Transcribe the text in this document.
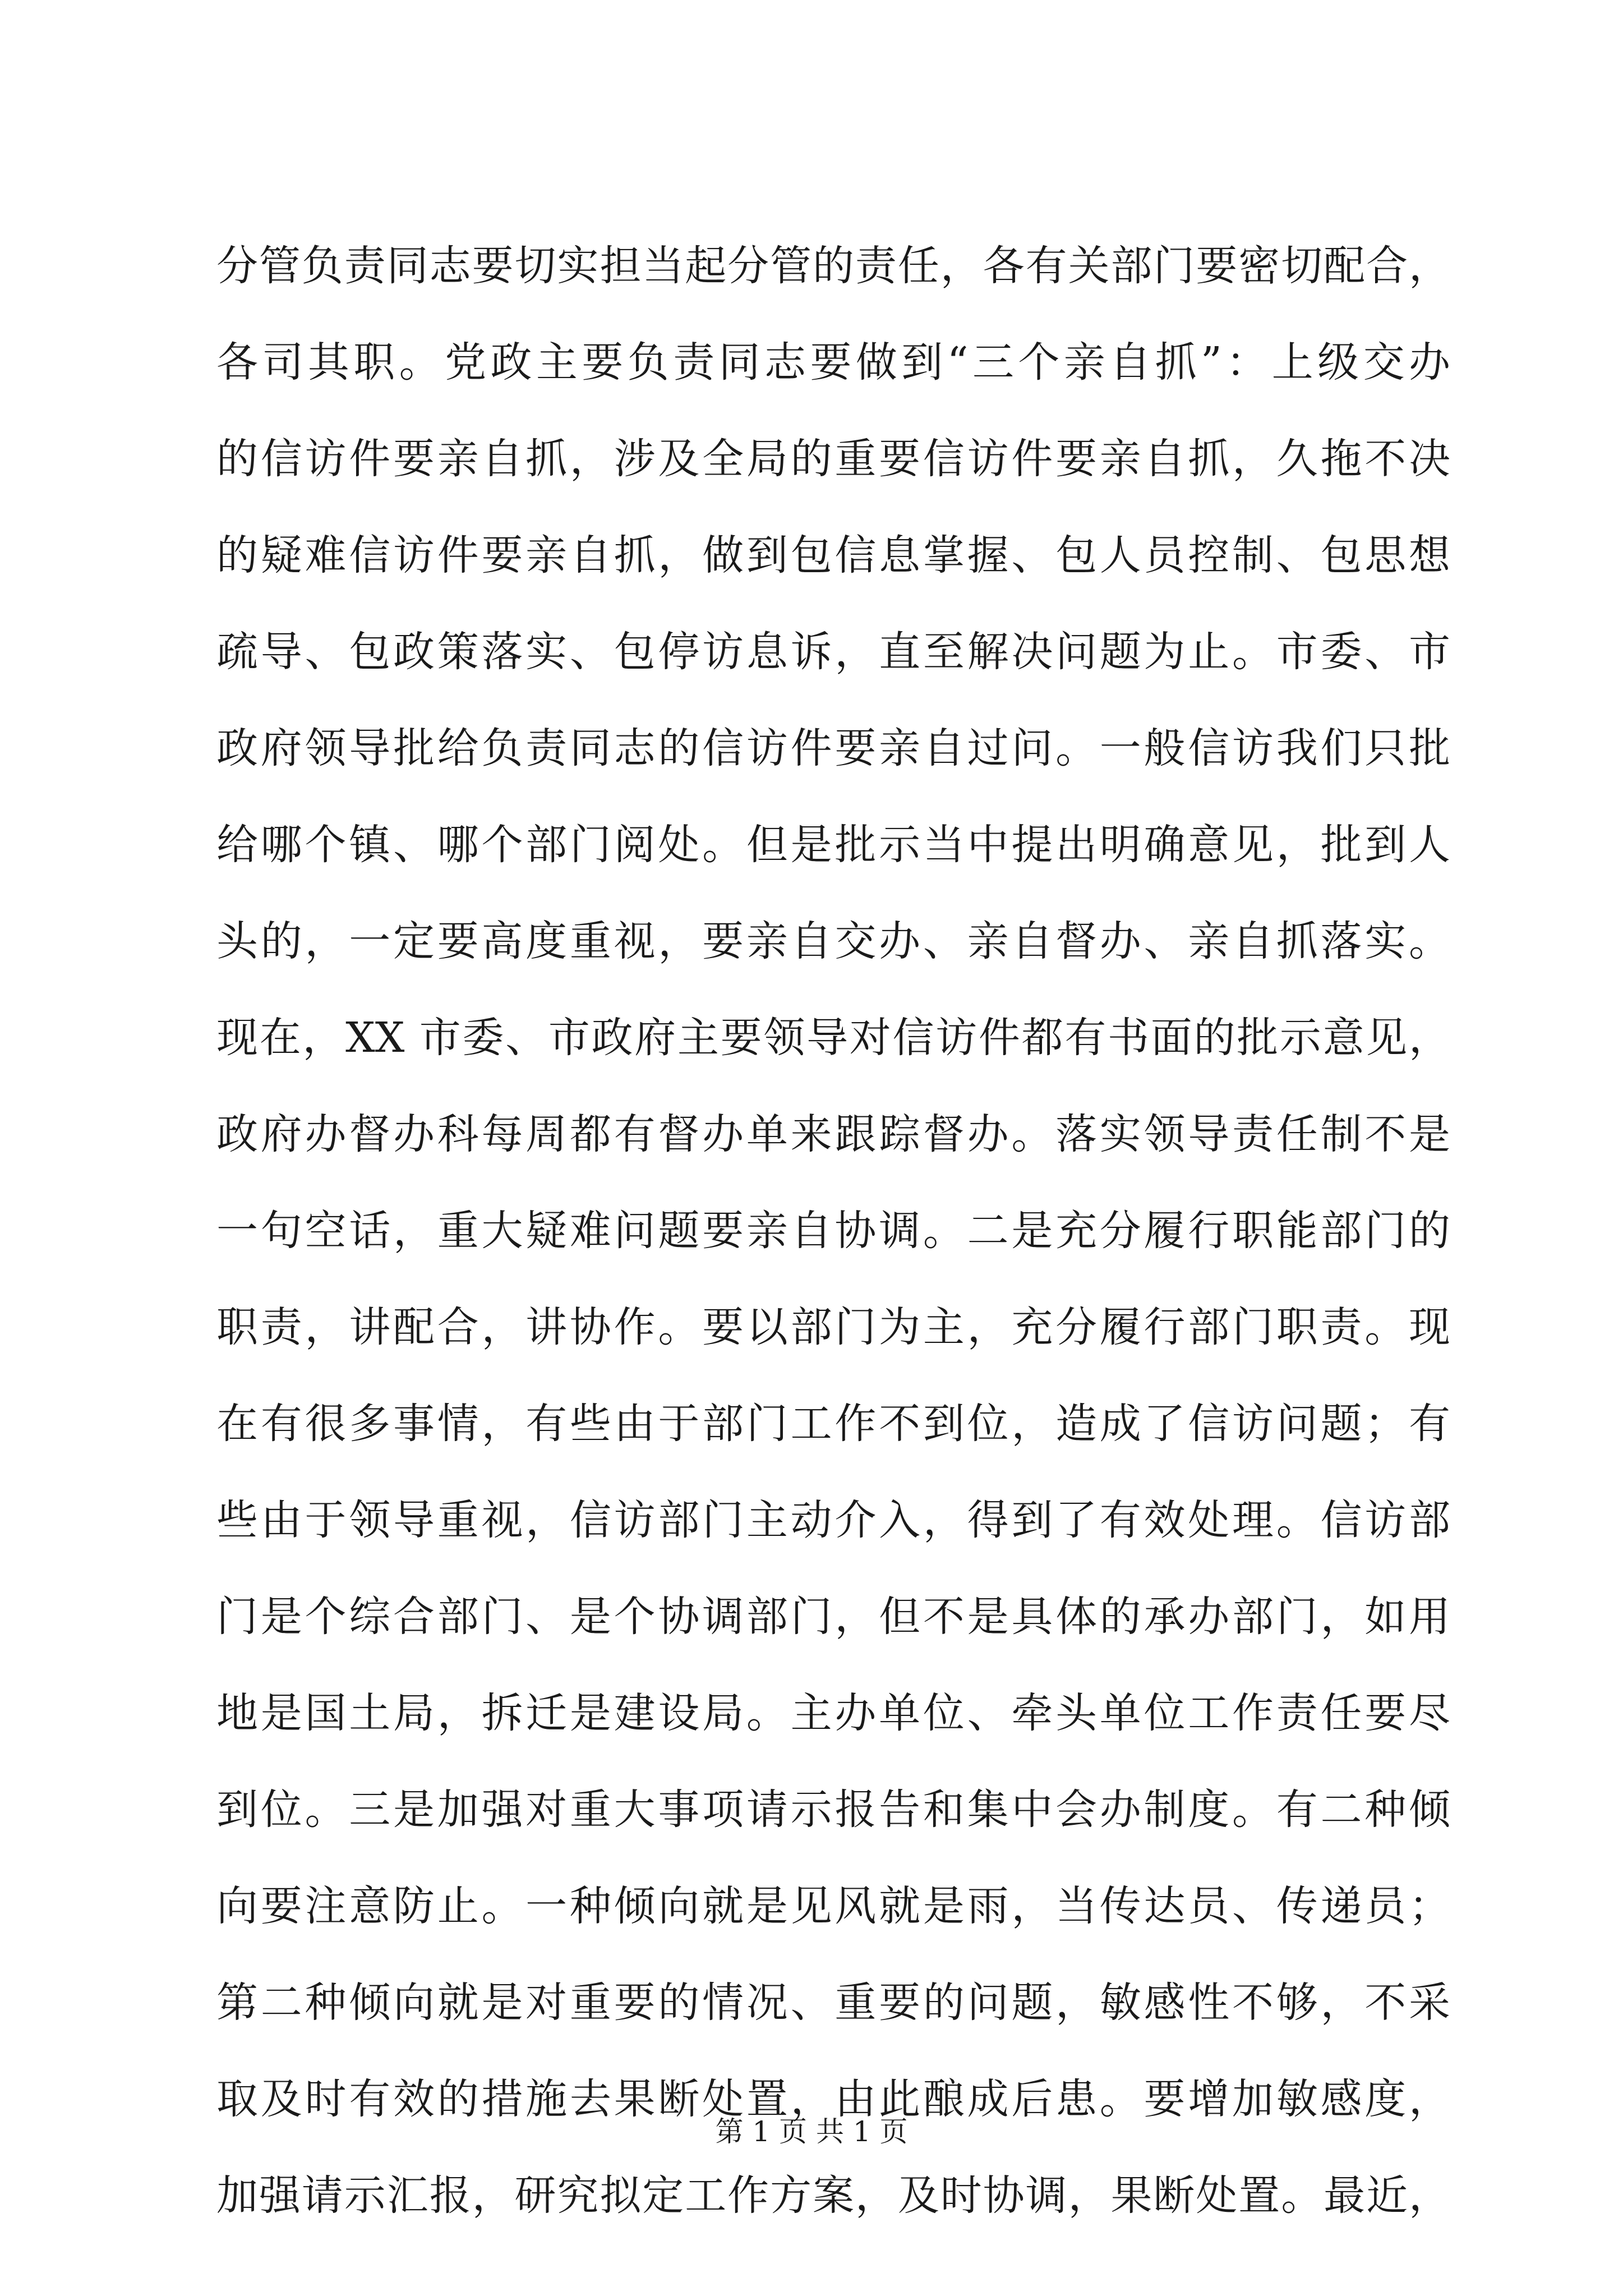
分管负责同志要切实担当起分管的责任，各有关部门要密切配合，
各司其职。党政主要负责同志要做到“三个亲自抓”：上级交办
的信访件要亲自抓，涉及全局的重要信访件要亲自抓，久拖不决
的疑难信访件要亲自抓，做到包信息掌握、包人员控制、包思想
疏导、包政策落实、包停访息诉，直至解决问题为止。市委、市
政府领导批给负责同志的信访件要亲自过问。一般信访我们只批
给哪个镇、哪个部门阅处。但是批示当中提出明确意见，批到人
头的，一定要高度重视，要亲自交办、亲自督办、亲自抓落实。
现在，XX 市委、市政府主要领导对信访件都有书面的批示意见，
政府办督办科每周都有督办单来跟踪督办。落实领导责任制不是
一句空话，重大疑难问题要亲自协调。二是充分履行职能部门的
职责，讲配合，讲协作。要以部门为主，充分履行部门职责。现
在有很多事情，有些由于部门工作不到位，造成了信访问题；有
些由于领导重视，信访部门主动介入，得到了有效处理。信访部
门是个综合部门、是个协调部门，但不是具体的承办部门，如用
地是国土局，拆迁是建设局。主办单位、牵头单位工作责任要尽
到位。三是加强对重大事项请示报告和集中会办制度。有二种倾
向要注意防止。一种倾向就是见风就是雨，当传达员、传递员；
第二种倾向就是对重要的情况、重要的问题，敏感性不够，不采
取及时有效的措施去果断处置，由此酿成后患。要增加敏感度，
加强请示汇报，研究拟定工作方案，及时协调，果断处置。最近，
第 1 页 共 1 页
